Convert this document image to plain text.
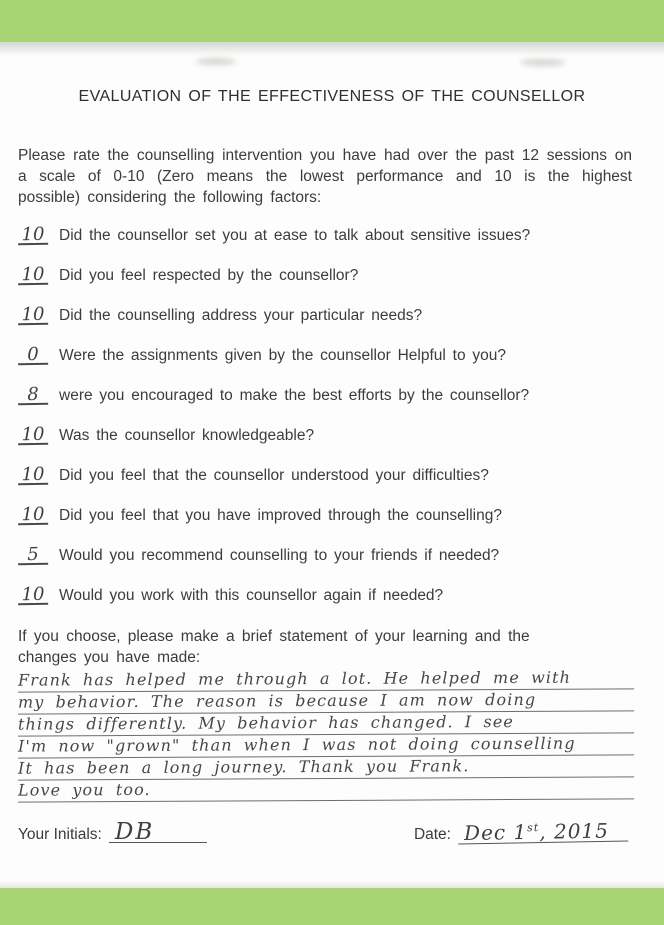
EVALUATION OF THE EFFECTIVENESS OF THE COUNSELLOR
Please rate the counselling intervention you have had over the past 12 sessions on a scale of 0-10 (Zero means the lowest performance and 10 is the highest possible) considering the following factors:
10 Did the counsellor set you at ease to talk about sensitive issues?
10 Did you feel respected by the counsellor?
10 Did the counselling address your particular needs?
0	Were the assignments given by the counsellor Helpful to you?
8	were you encouraged to make the best efforts by the counsellor?
10 Was the counsellor knowledgeable?
10 Did you feel that the counsellor understood your difficulties?
10 Did you feel that you have improved through the counselling?
5	Would you recommend counselling to your friends if needed?
10 Would you work with this counsellor again if needed?
If you choose, please make a brief statement of your learning and the
changes you have made:
Frank has helped me through a lot. He helped me with
my behavior. The reason is because I am now doing
things differently. My behavior has changed. I see
I'm now "grown" than when I was not doing counselling
It has been a long journey. Thank you Frank.
Love you too.
Your Initials: DB	Date: Dec 1st, 2015
